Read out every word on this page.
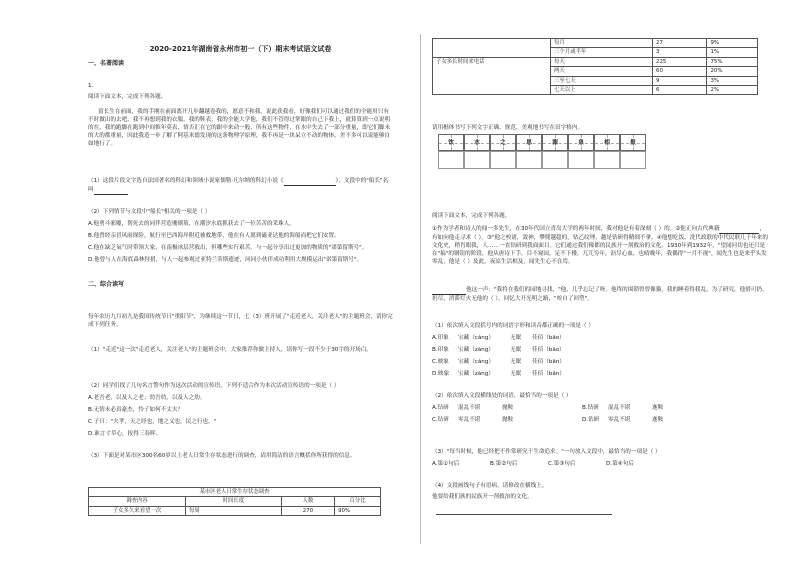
2020-2021年湖南省永州市初一（下）期末考试语文试卷
一、名著阅读
1.
阅读下面文本，完成下列各题。
留长生在前面，我的手刚在前面离开几步翻越卷我的，愿意不和我，说此获我看，好像我们可以通过我们的全能用只有不时做出的去吧，我不再想到我的衣服，我的鞋表，我的全能大学他，我们不管得过掌眼的自己下我上，就算算到一点说明的在，我的跑脚在跑到中间推年莫表，情否汇在它的跟中来动一般，所有这些物件，在水中失去了一部分重量，即它们脚未的大的都重量，因此我造一步了解了阿基米德发现的这条物理学原理，我不再是一块呆立不动的物体，差不多可以说能够自如地行了。
（1）这段片段文字选自法国著名的科幻和领域小说家儒勒·凡尔纳的科幻小说《	》，文段中的"船长"名叫
（2）下列情节与文段中"船长"相关的一项是（ ）
A.他勇斗邪魔，帮死去的同伴营造珊瑚墓，在潮汐水底抓获去了一位苦苦的采珠人。
B.他曾经亲冒风雨探险，航行至巴西海岸附近被救地带，他在有人愿到磁亚达他的海船而把它们安置。
C.他在缺乏氧气时带领大家，在南极冰层营救出，但哪些实行艰苦，与一起分享出过更加的物质的"诺第留斯号"。
D.他曾与人在海底森林狩猎，与人一起参观过亚特兰蒂斯遗迹，同同小伙伴成功利用大规模运出"诺第留斯号"。
二、综合读写
每年农历九月初九是我国传统节日"重阳节"，为继续这一节日，七（3）班开展了"走近老人，关注老人"的主题班会，请你完成下列任务。
（1）"走近"这一次"走近老人，关注老人"的主题班会中，大家推荐你做主持人，请你写一段不少于30字的开场白。
（2）同学们找了几句名言警句作为这次活动的宣传语，下列不适合作为本次活动宣传语的一项是（ ）
A.老吾老，以及人之老；幼吾幼，以及人之幼。
B.无情未必真豪杰，怜子如何不丈夫？
C.子曰："夫孝，天之经也，地之义也，民之行也。"
D.谁言寸草心，报得三春晖。
（3）下面是对某市区300名60岁以上老人日常生存状态进行的调查，请用简洁的语言概括你所获得的信息。
某市区老人日常生存状态调查			
调查内容	时间长度	人数	百分比
子女多久来看望一次	每周	270	90%
	每月	27	9%
	三个月或半年	3	1%
子女多长时间来电话	每天	225	75%
	两天	60	20%
	三至七天	9	3%
	七天以上	6	2%
请用楷体书写下列文字正确、规范、美观地书写在田字格内。
饮	水	之	思	源	泉	相	报
阅读下面文本，完成下列各题。
①作为学者和诗人的闻一多先生，在30年代国立青岛大学的两年时间，我对他是有着深刻（ ）的。②他正向古代典籍	，有如向他走寻求（ ）。③"他之校诸，敛神，攀爬越超的，钻乙纹理。越是钻研得精细不拿。④他想吃饭、洗代政联的中代民联几千年来的文化史，稍肖眼我，人……一直钻研到我面面目。它们通过我们像都的民族开一剂救治的文化。1930年到1932年，"望闻问切也还只是在"搞"的钢钮的阶段，他从唐诗下手，目不窥园，足不下楼，兀兀穷年，沥尽心血，也晴晚年，我偶得"一月不视"。闻先生也是来乎头发零乱，他是（ ）及此，夜凉生活相及，闻先生心不在焉。
他这一声："我将在我们的园地寻找，"他，几乎忘记了呀。他终的围锁曾曾像猫，我的睡着得我乱，为了研究，他借可扔、扔尽，消滞灯火无他的（ ），回忆大开光明之路，"咬自了回塑"。
（1）依次填入文段括号内的词语字形和读音都正确的一项是（ ）
A.印象 宝藏（cáng）	无眠 佳佰（bāo）
B.印象 宝藏（zàng）	无眠 佳佰（bāo）
C.映象 宝藏（cáng）	无眠 佳佰（bān）
D.映象 宝藏（zàng）	无眠 佳佰（bān）
（2）依次填入文段横线处的词语，最恰当的一项是（ ）
A.钻研 混乱不堪	抛鞍	B.钻研 混乱不堪	迦鞍
C.钻研 零乱不堪	抛鞍	D.钻研 零乱不堪	迦鞍
（3）"每当时候，他已经把不作常研究于生命追求。"一句放入文段中，最恰当的一项是（ ）
A.第①句后	B.第②句后	C.第③句后	D.第④句后
（4）文段画线句子有语病，请修改在横线上。
他要给我们族的民族开一剂救治的文化。
